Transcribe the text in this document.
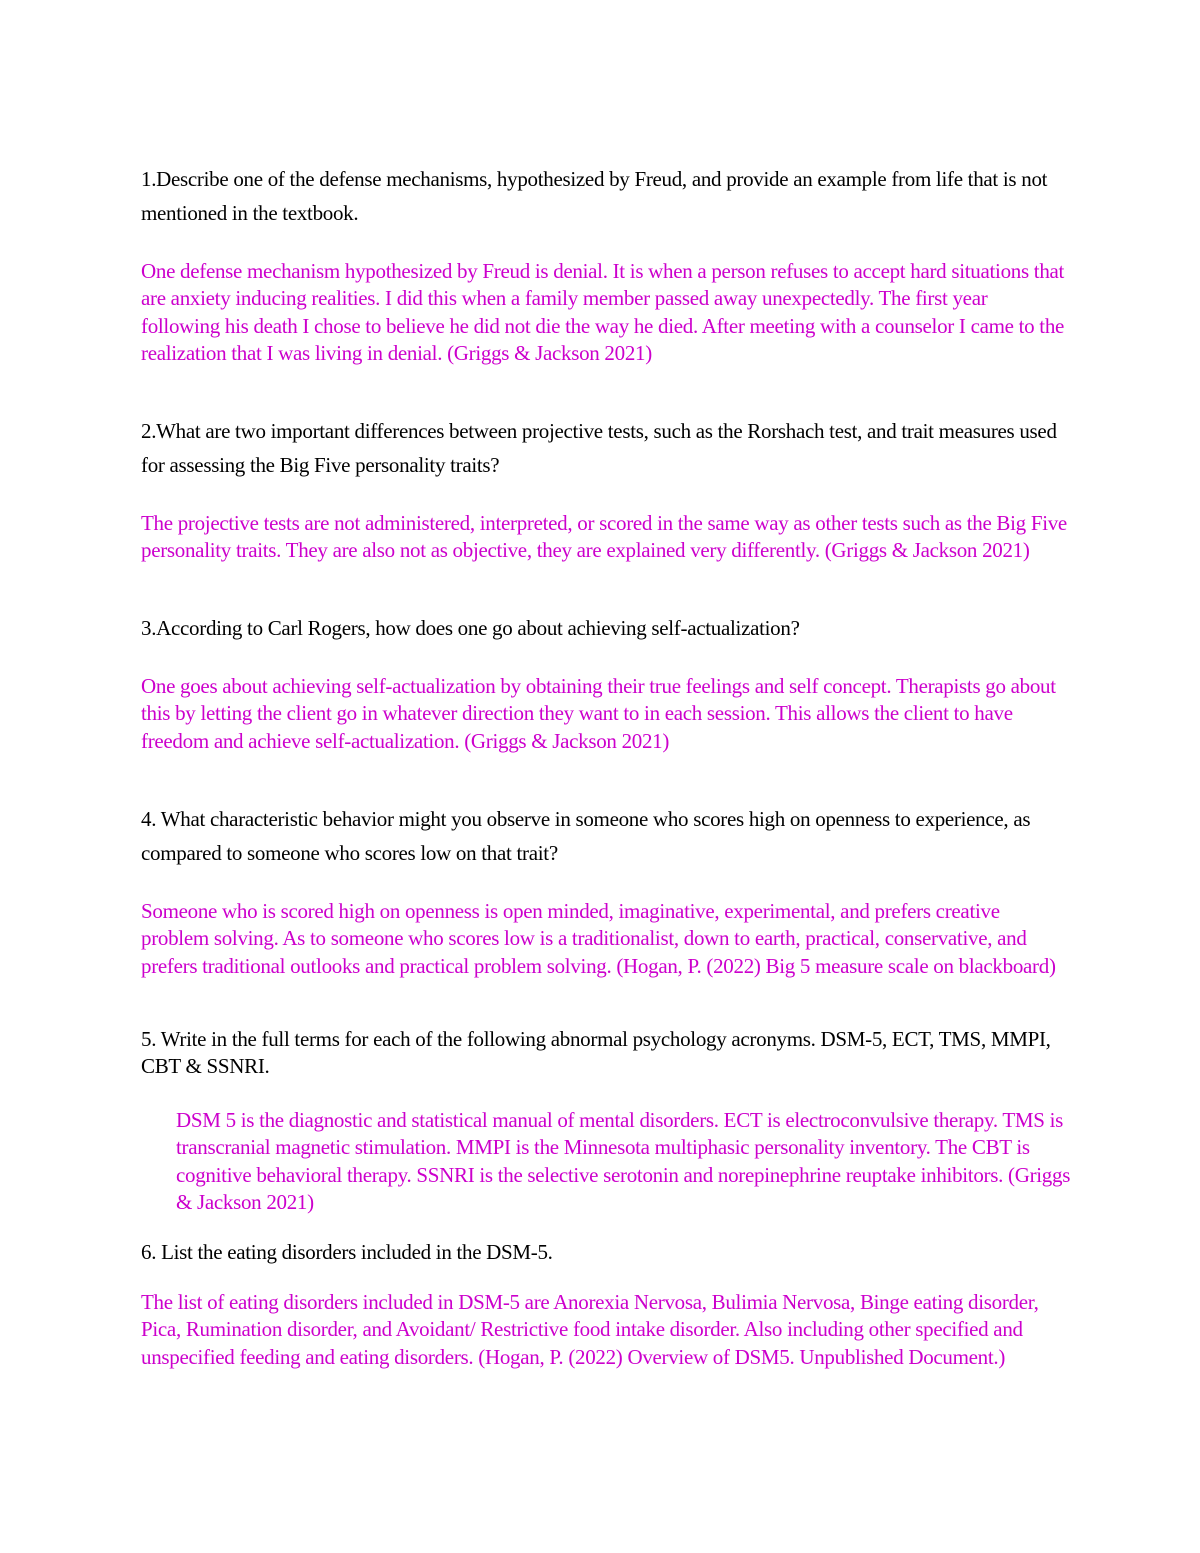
1.Describe one of the defense mechanisms, hypothesized by Freud, and provide an example from life that is not mentioned in the textbook.

One defense mechanism hypothesized by Freud is denial. It is when a person refuses to accept hard situations that are anxiety inducing realities. I did this when a family member passed away unexpectedly. The first year following his death I chose to believe he did not die the way he died. After meeting with a counselor I came to the realization that I was living in denial. (Griggs & Jackson 2021)

2.What are two important differences between projective tests, such as the Rorshach test, and trait measures used for assessing the Big Five personality traits?

The projective tests are not administered, interpreted, or scored in the same way as other tests such as the Big Five personality traits. They are also not as objective, they are explained very differently. (Griggs & Jackson 2021)

3.According to Carl Rogers, how does one go about achieving self-actualization?

One goes about achieving self-actualization by obtaining their true feelings and self concept. Therapists go about this by letting the client go in whatever direction they want to in each session. This allows the client to have freedom and achieve self-actualization. (Griggs & Jackson 2021)

4. What characteristic behavior might you observe in someone who scores high on openness to experience, as compared to someone who scores low on that trait?

Someone who is scored high on openness is open minded, imaginative, experimental, and prefers creative problem solving. As to someone who scores low is a traditionalist, down to earth, practical, conservative, and prefers traditional outlooks and practical problem solving. (Hogan, P. (2022) Big 5 measure scale on blackboard)

5. Write in the full terms for each of the following abnormal psychology acronyms. DSM-5, ECT, TMS, MMPI, CBT & SSNRI.

DSM 5 is the diagnostic and statistical manual of mental disorders. ECT is electroconvulsive therapy. TMS is transcranial magnetic stimulation. MMPI is the Minnesota multiphasic personality inventory. The CBT is cognitive behavioral therapy. SSNRI is the selective serotonin and norepinephrine reuptake inhibitors. (Griggs & Jackson 2021)

6. List the eating disorders included in the DSM-5.

The list of eating disorders included in DSM-5 are Anorexia Nervosa, Bulimia Nervosa, Binge eating disorder, Pica, Rumination disorder, and Avoidant/ Restrictive food intake disorder. Also including other specified and unspecified feeding and eating disorders. (Hogan, P. (2022) Overview of DSM5. Unpublished Document.)
